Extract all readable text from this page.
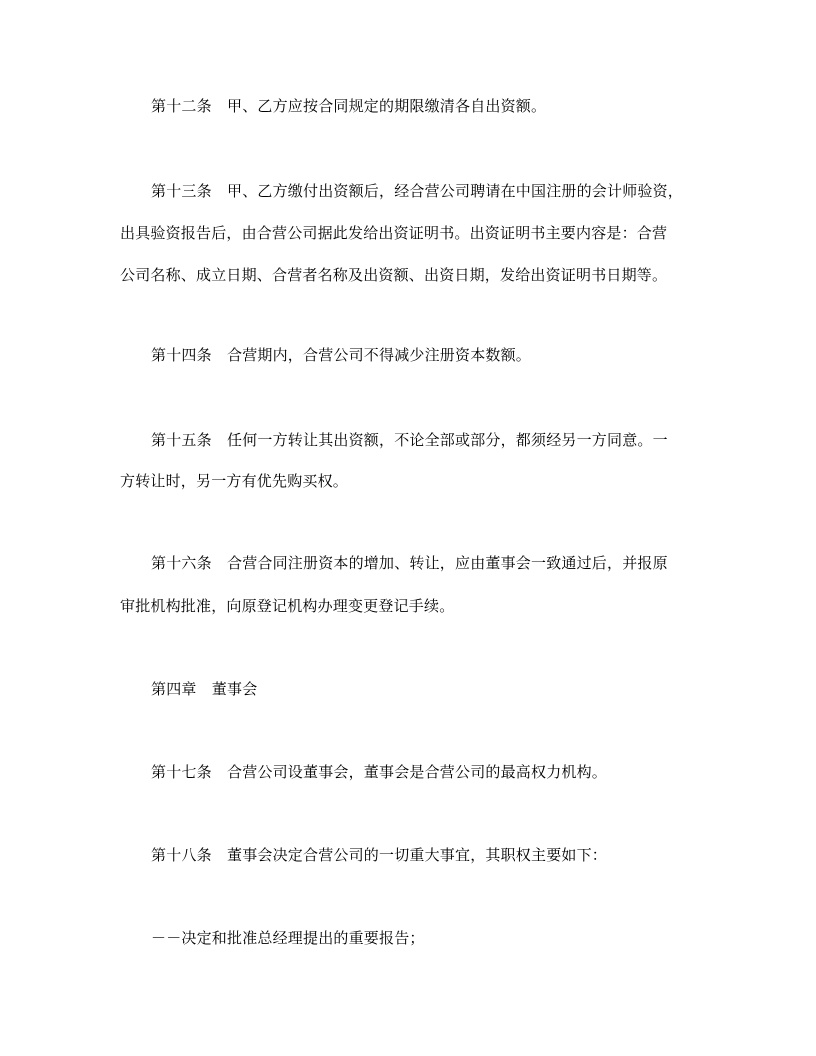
第十二条　甲、乙方应按合同规定的期限缴清各自出资额。
第十三条　甲、乙方缴付出资额后，经合营公司聘请在中国注册的会计师验资，
出具验资报告后，由合营公司据此发给出资证明书。出资证明书主要内容是：合营
公司名称、成立日期、合营者名称及出资额、出资日期，发给出资证明书日期等。
第十四条　合营期内，合营公司不得减少注册资本数额。
第十五条　任何一方转让其出资额，不论全部或部分，都须经另一方同意。一
方转让时，另一方有优先购买权。
第十六条　合营合同注册资本的增加、转让，应由董事会一致通过后，并报原
审批机构批准，向原登记机构办理变更登记手续。
第四章　董事会
第十七条　合营公司设董事会，董事会是合营公司的最高权力机构。
第十八条　董事会决定合营公司的一切重大事宜，其职权主要如下：
－－决定和批准总经理提出的重要报告；
